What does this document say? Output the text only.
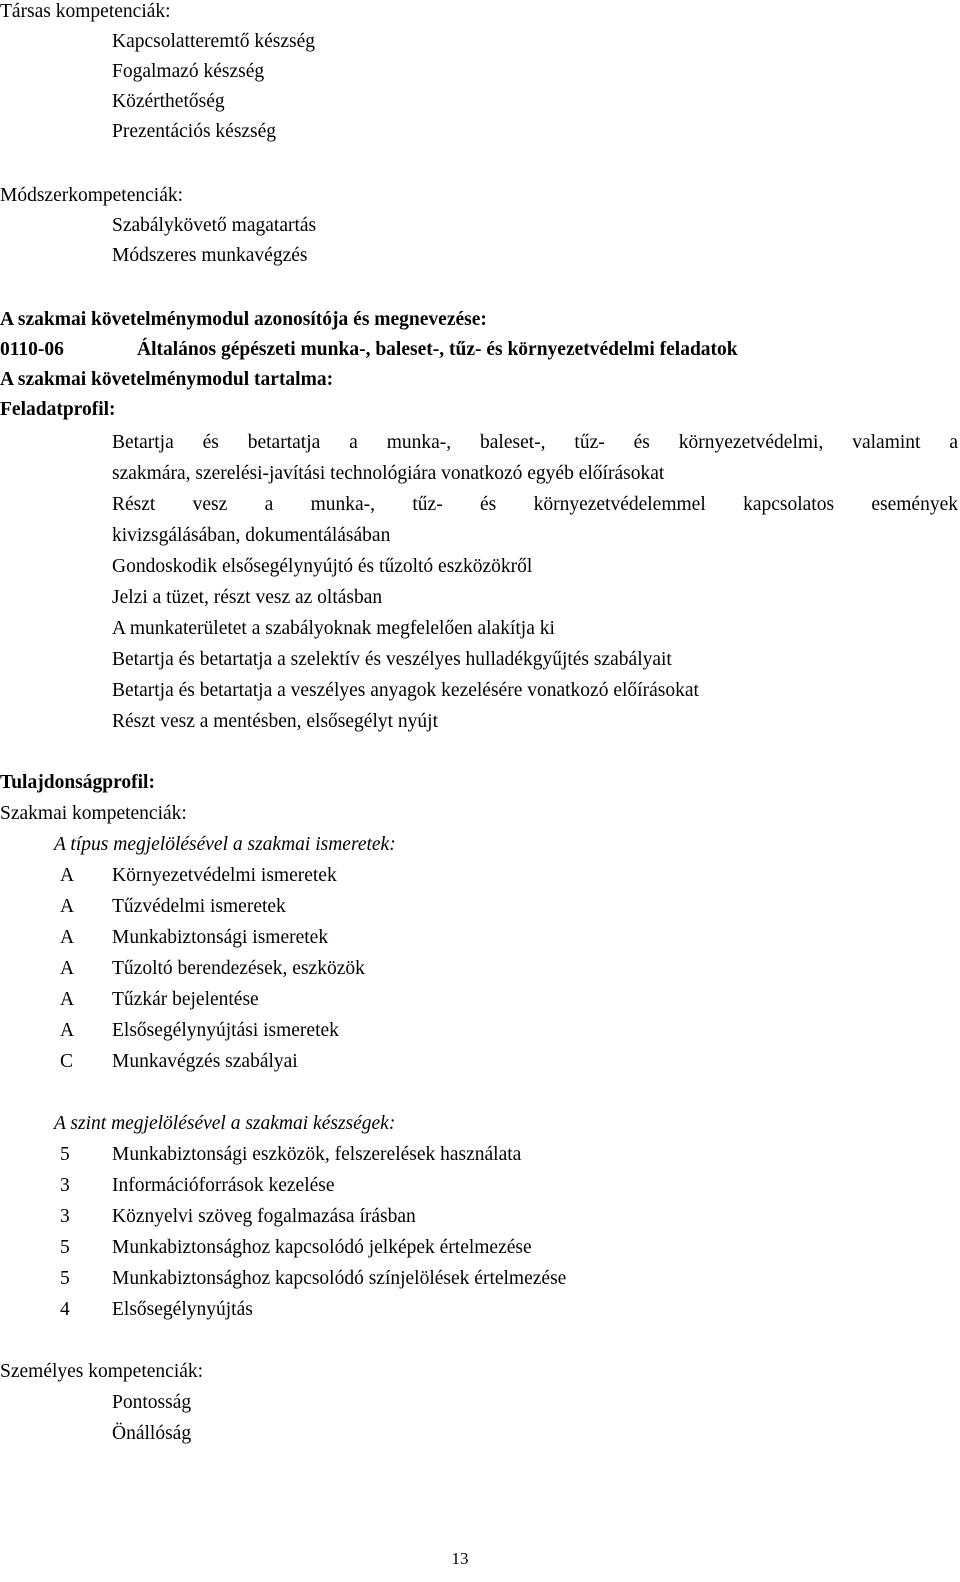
Társas kompetenciák:
Kapcsolatteremtő készség
Fogalmazó készség
Közérthetőség
Prezentációs készség
Módszerkompetenciák:
Szabálykövető magatartás
Módszeres munkavégzés
A szakmai követelménymodul azonosítója és megnevezése:
0110-06	Általános gépészeti munka-, baleset-, tűz- és környezetvédelmi feladatok
A szakmai követelménymodul tartalma:
Feladatprofil:
Betartja és betartatja a munka-, baleset-, tűz- és környezetvédelmi, valamint a
szakmára, szerelési-javítási technológiára vonatkozó egyéb előírásokat
Részt vesz a munka-, tűz- és környezetvédelemmel kapcsolatos események
kivizsgálásában, dokumentálásában
Gondoskodik elsősegélynyújtó és tűzoltó eszközökről
Jelzi a tüzet, részt vesz az oltásban
A munkaterületet a szabályoknak megfelelően alakítja ki
Betartja és betartatja a szelektív és veszélyes hulladékgyűjtés szabályait
Betartja és betartatja a veszélyes anyagok kezelésére vonatkozó előírásokat
Részt vesz a mentésben, elsősegélyt nyújt
Tulajdonságprofil:
Szakmai kompetenciák:
A típus megjelölésével a szakmai ismeretek:
A Környezetvédelmi ismeretek
A Tűzvédelmi ismeretek
A Munkabiztonsági ismeretek
A Tűzoltó berendezések, eszközök
A Tűzkár bejelentése
A Elsősegélynyújtási ismeretek
C Munkavégzés szabályai
A szint megjelölésével a szakmai készségek:
5 Munkabiztonsági eszközök, felszerelések használata
3 Információforrások kezelése
3 Köznyelvi szöveg fogalmazása írásban
5 Munkabiztonsághoz kapcsolódó jelképek értelmezése
5 Munkabiztonsághoz kapcsolódó színjelölések értelmezése
4 Elsősegélynyújtás
Személyes kompetenciák:
Pontosság
Önállóság
13
